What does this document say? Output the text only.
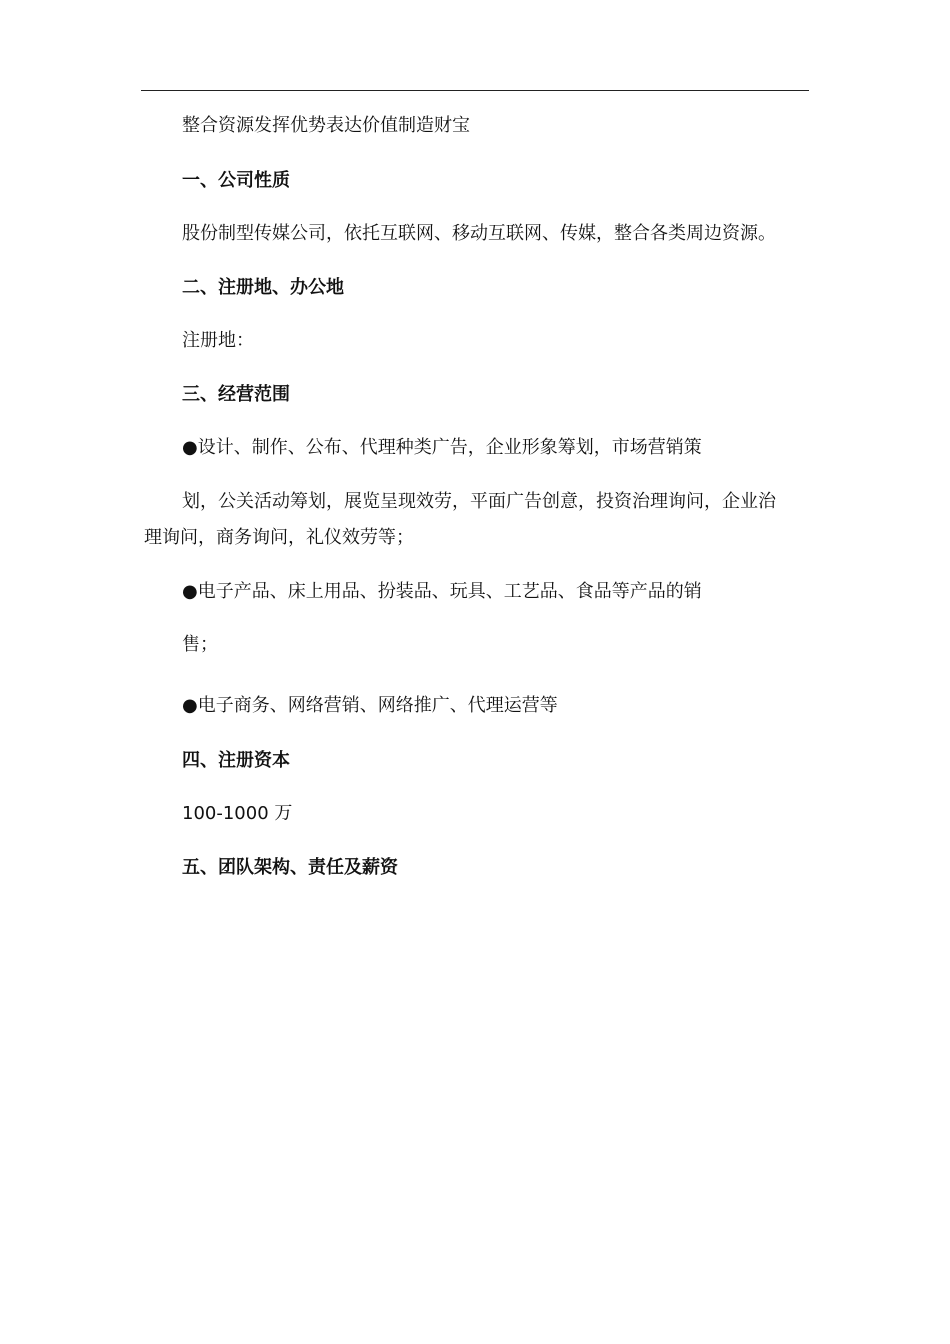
整合资源发挥优势表达价值制造财宝
一、公司性质
股份制型传媒公司，依托互联网、移动互联网、传媒，整合各类周边资源。
二、注册地、办公地
注册地：
三、经营范围
●设计、制作、公布、代理种类广告，企业形象筹划，市场营销策
划，公关活动筹划，展览呈现效劳，平面广告创意，投资治理询问，企业治
理询问，商务询问，礼仪效劳等；
●电子产品、床上用品、扮装品、玩具、工艺品、食品等产品的销
售；
●电子商务、网络营销、网络推广、代理运营等
四、注册资本
100-1000 万
五、团队架构、责任及薪资
